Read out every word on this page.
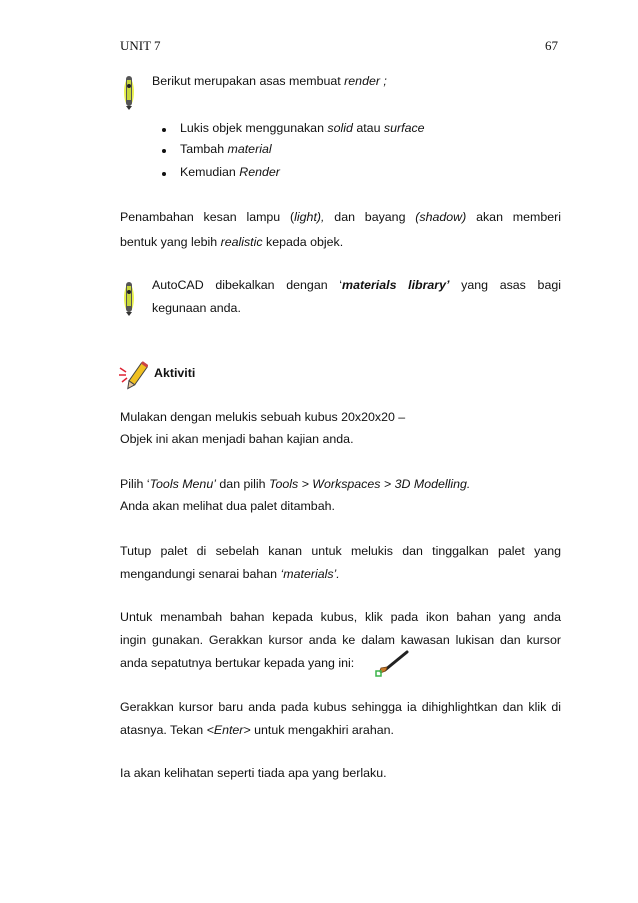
UNIT 7	67
Berikut merupakan asas membuat render ;
Lukis objek menggunakan solid atau surface
Tambah material
Kemudian Render
Penambahan kesan lampu (light), dan bayang (shadow) akan memberi
bentuk yang lebih realistic kepada objek.
AutoCAD dibekalkan dengan ‘materials library’ yang asas bagi
kegunaan anda.
Aktiviti
Mulakan dengan melukis sebuah kubus 20x20x20 –
Objek ini akan menjadi bahan kajian anda.
Pilih ‘Tools Menu’ dan pilih Tools > Workspaces > 3D Modelling.
Anda akan melihat dua palet ditambah.
Tutup palet di sebelah kanan untuk melukis dan tinggalkan palet yang
mengandungi senarai bahan ‘materials’.
Untuk menambah bahan kepada kubus, klik pada ikon bahan yang anda
ingin gunakan. Gerakkan kursor anda ke dalam kawasan lukisan dan kursor
anda sepatutnya bertukar kepada yang ini:
Gerakkan kursor baru anda pada kubus sehingga ia dihighlightkan dan klik di
atasnya. Tekan <Enter> untuk mengakhiri arahan.
Ia akan kelihatan seperti tiada apa yang berlaku.
